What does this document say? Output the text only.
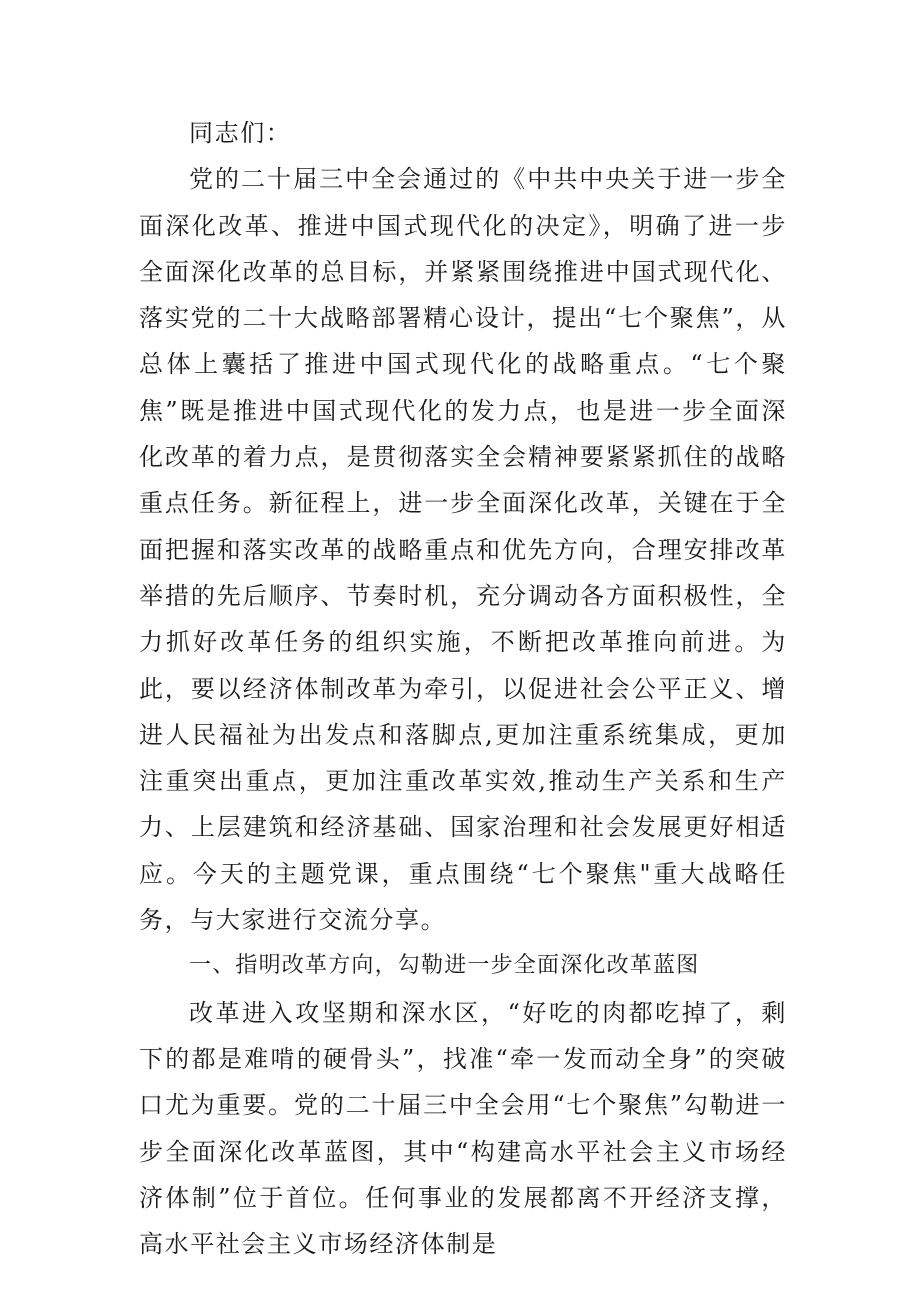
同志们：

党的二十届三中全会通过的《中共中央关于进一步全面深化改革、推进中国式现代化的决定》，明确了进一步全面深化改革的总目标，并紧紧围绕推进中国式现代化、落实党的二十大战略部署精心设计，提出“七个聚焦”，从总体上囊括了推进中国式现代化的战略重点。“七个聚焦”既是推进中国式现代化的发力点，也是进一步全面深化改革的着力点，是贯彻落实全会精神要紧紧抓住的战略重点任务。新征程上，进一步全面深化改革，关键在于全面把握和落实改革的战略重点和优先方向，合理安排改革举措的先后顺序、节奏时机，充分调动各方面积极性，全力抓好改革任务的组织实施，不断把改革推向前进。为此，要以经济体制改革为牵引，以促进社会公平正义、增进人民福祉为出发点和落脚点,更加注重系统集成，更加注重突出重点，更加注重改革实效,推动生产关系和生产力、上层建筑和经济基础、国家治理和社会发展更好相适应。今天的主题党课，重点围绕“七个聚焦"重大战略任务，与大家进行交流分享。

一、指明改革方向，勾勒进一步全面深化改革蓝图

改革进入攻坚期和深水区，“好吃的肉都吃掉了，剩下的都是难啃的硬骨头”，找准“牵一发而动全身”的突破口尤为重要。党的二十届三中全会用“七个聚焦”勾勒进一步全面深化改革蓝图，其中“构建高水平社会主义市场经济体制”位于首位。任何事业的发展都离不开经济支撑，高水平社会主义市场经济体制是
